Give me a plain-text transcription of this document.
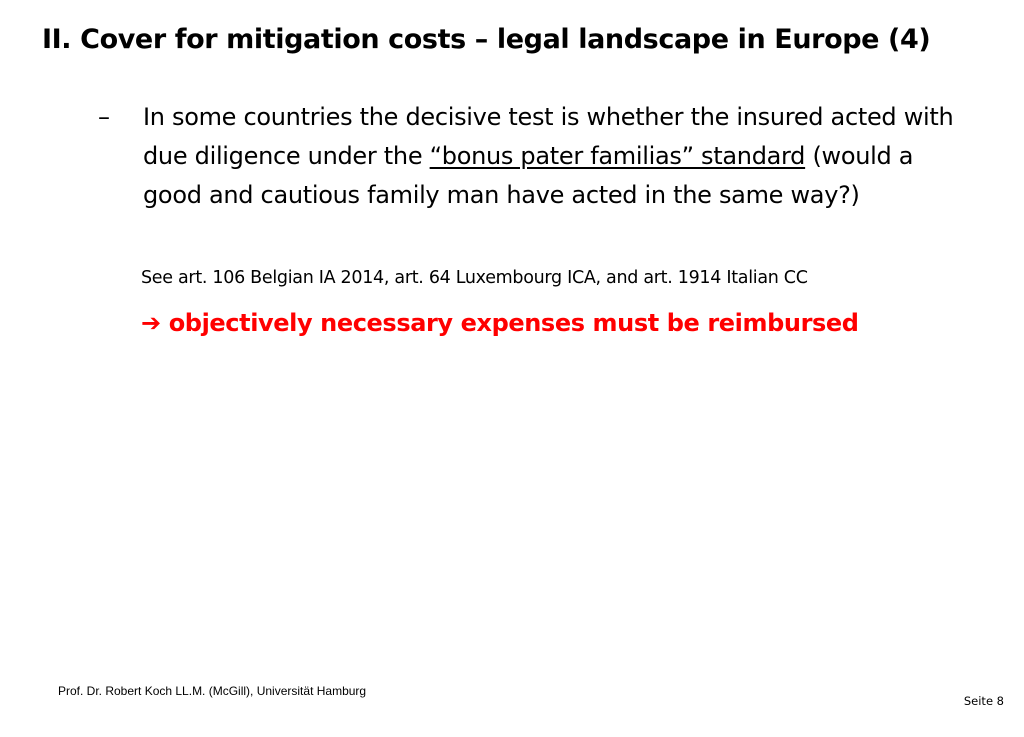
II. Cover for mitigation costs – legal landscape in Europe (4)
– In some countries the decisive test is whether the insured acted with due diligence under the “bonus pater familias” standard (would a good and cautious family man have acted in the same way?)
See art. 106 Belgian IA 2014, art. 64 Luxembourg ICA, and art. 1914 Italian CC
➔ objectively necessary expenses must be reimbursed
Prof. Dr. Robert Koch LL.M. (McGill), Universität Hamburg
Seite 8
